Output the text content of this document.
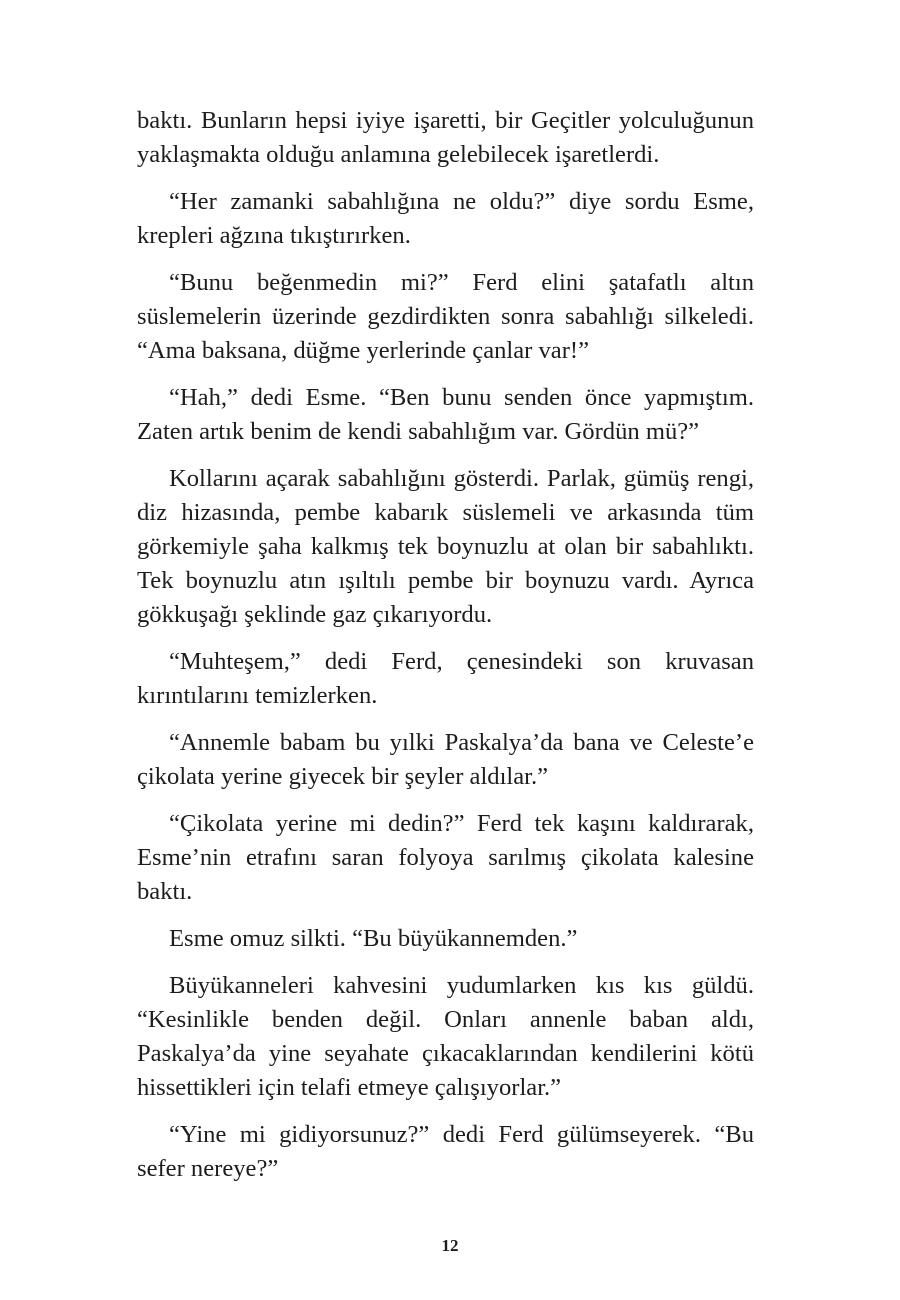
baktı. Bunların hepsi iyiye işaretti, bir Geçitler yolculuğunun yaklaşmakta olduğu anlamına gelebilecek işaretlerdi.

“Her zamanki sabahlığına ne oldu?” diye sordu Esme, krepleri ağzına tıkıştırırken.

“Bunu beğenmedin mi?” Ferd elini şatafatlı altın süslemelerin üzerinde gezdirdikten sonra sabahlığı silkeledi. “Ama baksana, düğme yerlerinde çanlar var!”

“Hah,” dedi Esme. “Ben bunu senden önce yapmıştım. Zaten artık benim de kendi sabahlığım var. Gördün mü?”

Kollarını açarak sabahlığını gösterdi. Parlak, gümüş rengi, diz hizasında, pembe kabarık süslemeli ve arkasında tüm görkemiyle şaha kalkmış tek boynuzlu at olan bir sabahlıktı. Tek boynuzlu atın ışıltılı pembe bir boynuzu vardı. Ayrıca gökkuşağı şeklinde gaz çıkarıyordu.

“Muhteşem,” dedi Ferd, çenesindeki son kruvasan kırıntılarını temizlerken.

“Annemle babam bu yılki Paskalya’da bana ve Celeste’e çikolata yerine giyecek bir şeyler aldılar.”

“Çikolata yerine mi dedin?” Ferd tek kaşını kaldırarak, Esme’nin etrafını saran folyoya sarılmış çikolata kalesine baktı.

Esme omuz silkti. “Bu büyükannemden.”

Büyükanneleri kahvesini yudumlarken kıs kıs güldü. “Kesinlikle benden değil. Onları annenle baban aldı, Paskalya’da yine seyahate çıkacaklarından kendilerini kötü hissettikleri için telafi etmeye çalışıyorlar.”

“Yine mi gidiyorsunuz?” dedi Ferd gülümseyerek. “Bu sefer nereye?”

12
